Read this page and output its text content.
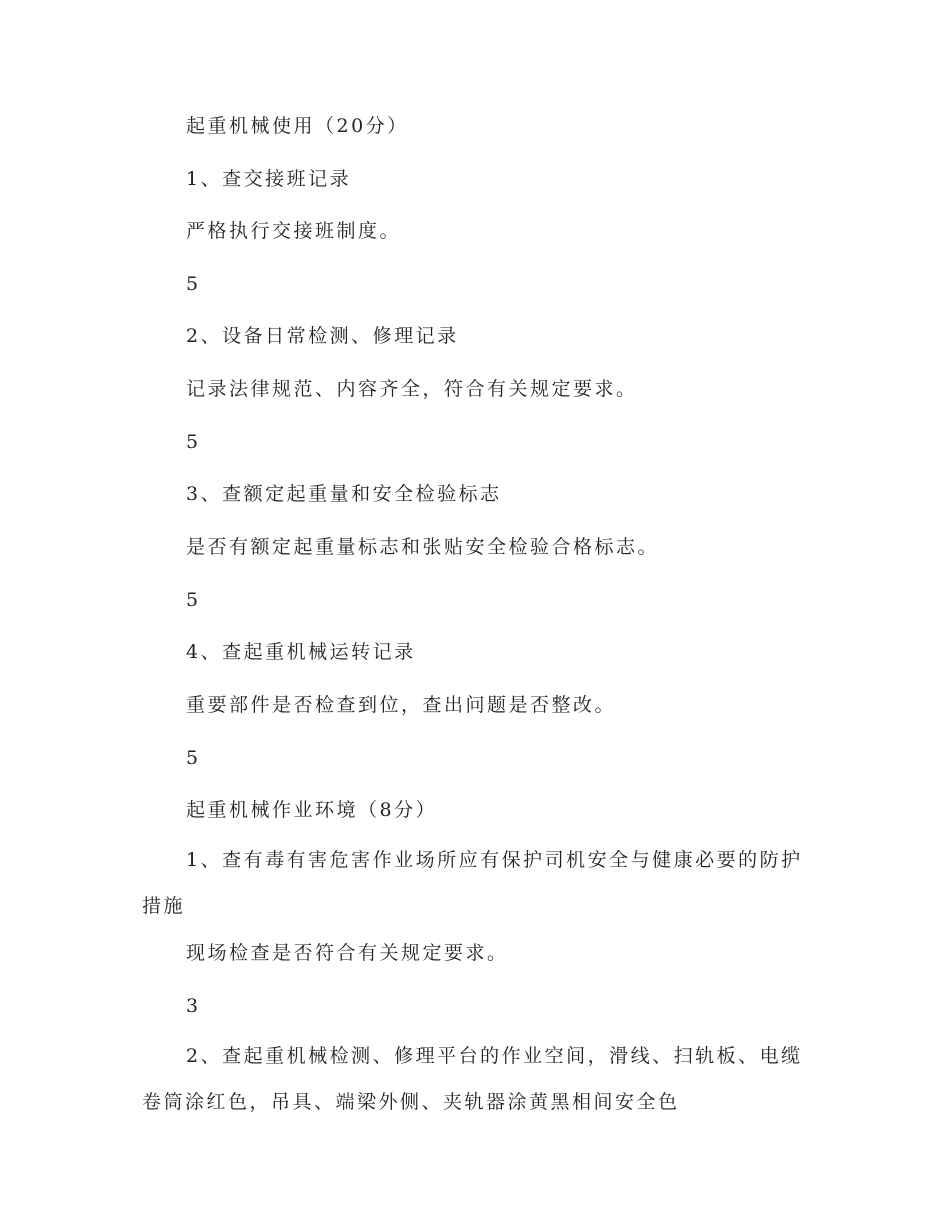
起重机械使用（20分）
1、查交接班记录
严格执行交接班制度。
5
2、设备日常检测、修理记录
记录法律规范、内容齐全，符合有关规定要求。
5
3、查额定起重量和安全检验标志
是否有额定起重量标志和张贴安全检验合格标志。
5
4、查起重机械运转记录
重要部件是否检查到位，查出问题是否整改。
5
起重机械作业环境（8分）
1、查有毒有害危害作业场所应有保护司机安全与健康必要的防护措施
现场检查是否符合有关规定要求。
3
2、查起重机械检测、修理平台的作业空间，滑线、扫轨板、电缆卷筒涂红色，吊具、端梁外侧、夹轨器涂黄黑相间安全色
